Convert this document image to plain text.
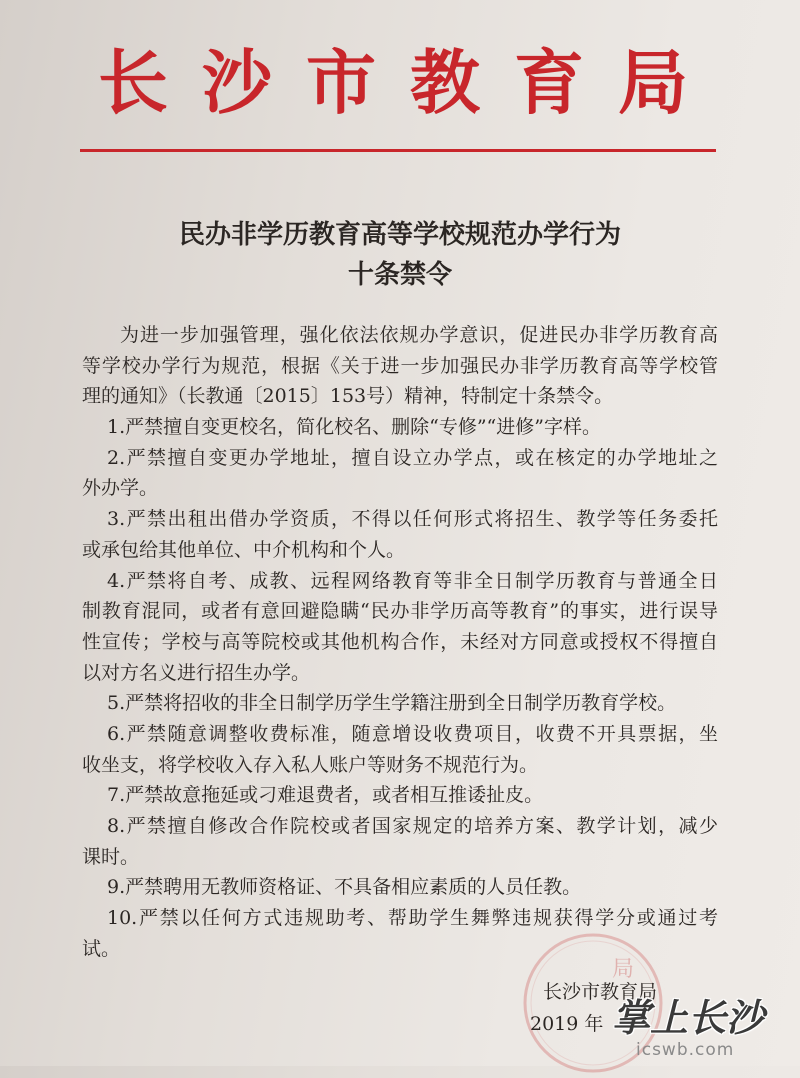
长沙市教育局
民办非学历教育高等学校规范办学行为
十条禁令
为进一步加强管理，强化依法依规办学意识，促进民办非学历教育高
等学校办学行为规范，根据《关于进一步加强民办非学历教育高等学校管
理的通知》（长教通〔2015〕153号）精神，特制定十条禁令。
1.严禁擅自变更校名，简化校名、删除“专修”“进修”字样。
2.严禁擅自变更办学地址，擅自设立办学点，或在核定的办学地址之
外办学。
3.严禁出租出借办学资质，不得以任何形式将招生、教学等任务委托
或承包给其他单位、中介机构和个人。
4.严禁将自考、成教、远程网络教育等非全日制学历教育与普通全日
制教育混同，或者有意回避隐瞒“民办非学历高等教育”的事实，进行误导
性宣传；学校与高等院校或其他机构合作，未经对方同意或授权不得擅自
以对方名义进行招生办学。
5.严禁将招收的非全日制学历学生学籍注册到全日制学历教育学校。
6.严禁随意调整收费标准，随意增设收费项目，收费不开具票据，坐
收坐支，将学校收入存入私人账户等财务不规范行为。
7.严禁故意拖延或刁难退费者，或者相互推诿扯皮。
8.严禁擅自修改合作院校或者国家规定的培养方案、教学计划，减少
课时。
9.严禁聘用无教师资格证、不具备相应素质的人员任教。
10.严禁以任何方式违规助考、帮助学生舞弊违规获得学分或通过考
试。
局
长沙市教育局
2019 年 掌上长沙
icswb.com
